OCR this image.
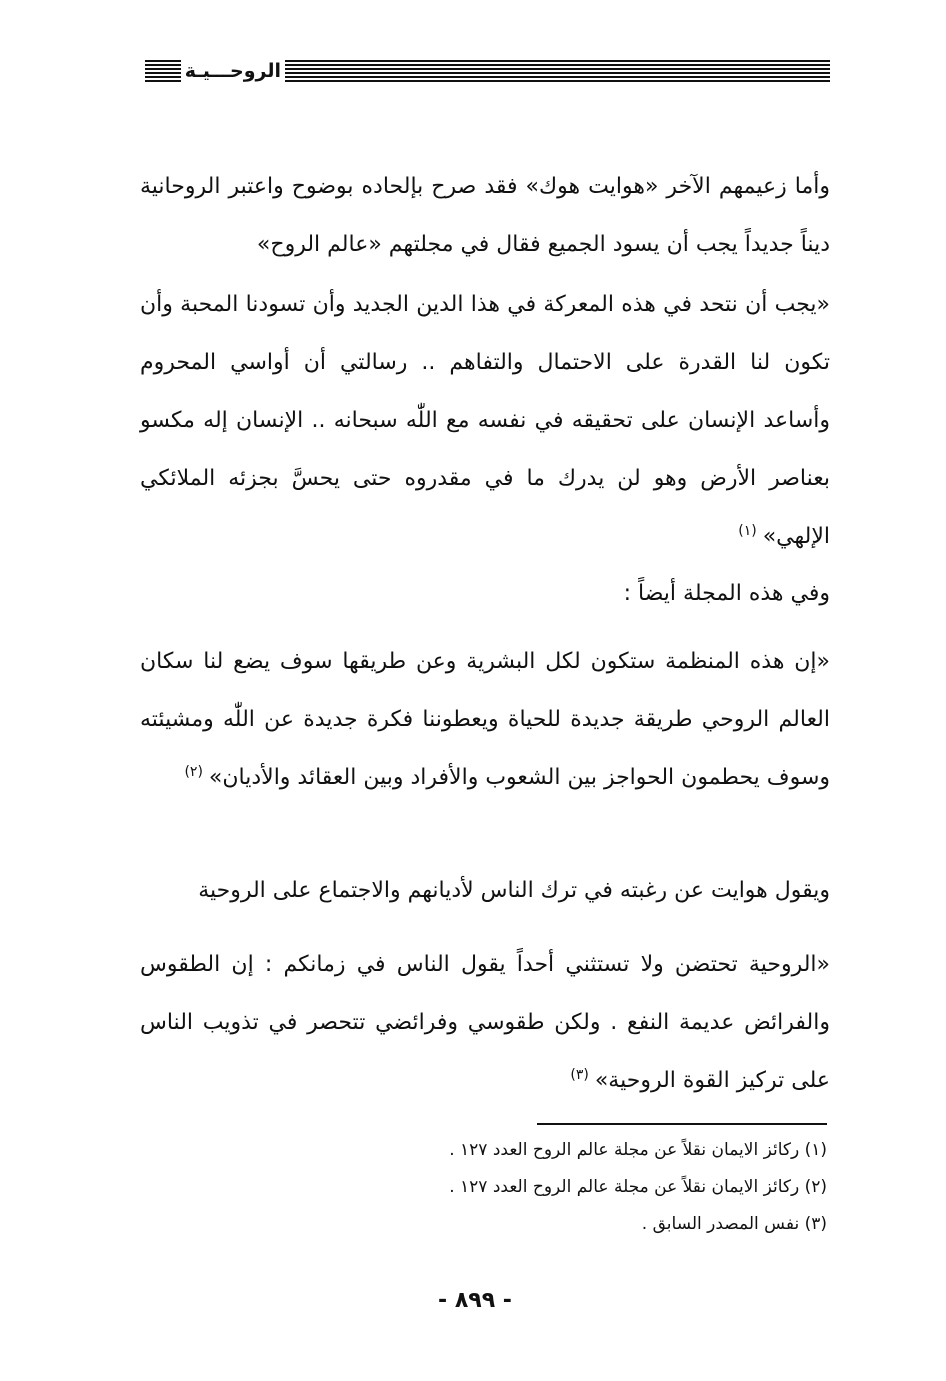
الروحـــيـة

وأما زعيمهم الآخر «هوايت هوك» فقد صرح بإلحاده بوضوح واعتبر الروحانية ديناً جديداً يجب أن يسود الجميع فقال في مجلتهم «عالم الروح»

«يجب أن نتحد في هذه المعركة في هذا الدين الجديد وأن تسودنا المحبة وأن تكون لنا القدرة على الاحتمال والتفاهم .. رسالتي أن أواسي المحروم وأساعد الإنسان على تحقيقه في نفسه مع اللّٰه سبحانه .. الإنسان إله مكسو بعناصر الأرض وهو لن يدرك ما في مقدروه حتى يحسَّ بجزئه الملائكي الإلهي»$^{(١)}$

وفي هذه المجلة أيضاً :

«إن هذه المنظمة ستكون لكل البشرية وعن طريقها سوف يضع لنا سكان العالم الروحي طريقة جديدة للحياة ويعطوننا فكرة جديدة عن اللّٰه ومشيئته وسوف يحطمون الحواجز بين الشعوب والأفراد وبين العقائد والأديان»$^{(٢)}$

ويقول هوايت عن رغبته في ترك الناس لأديانهم والاجتماع على الروحية

«الروحية تحتضن ولا تستثني أحداً يقول الناس في زمانكم : إن الطقوس والفرائض عديمة النفع . ولكن طقوسي وفرائضي تتحصر في تذويب الناس على تركيز القوة الروحية»$^{(٣)}$

(١) ركائز الايمان نقلاً عن مجلة عالم الروح العدد ١٢٧ .

(٢) ركائز الايمان نقلاً عن مجلة عالم الروح العدد ١٢٧ .

(٣) نفس المصدر السابق .

- ٨٩٩ -
